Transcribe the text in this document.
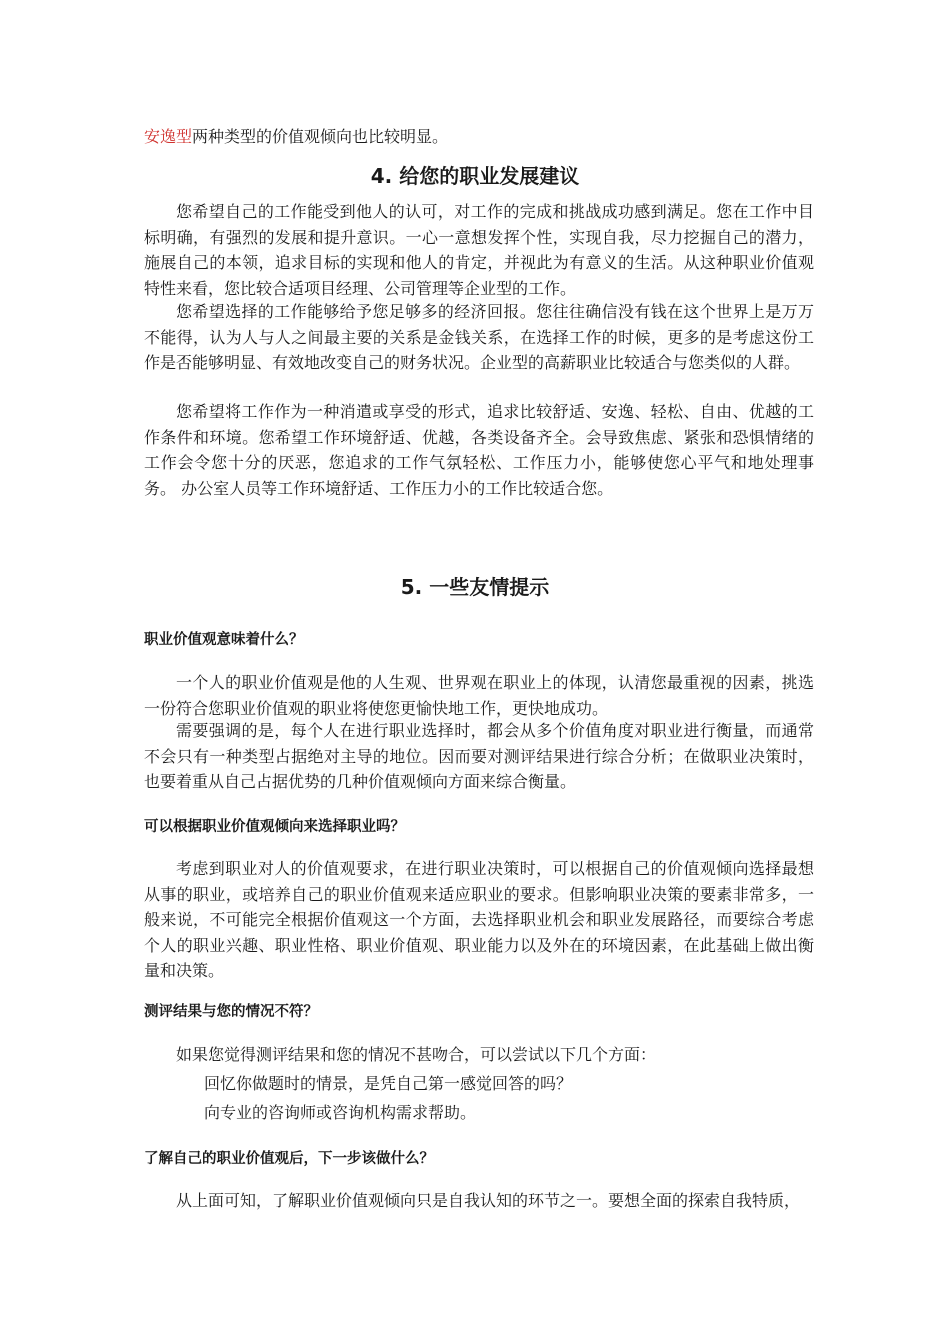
安逸型两种类型的价值观倾向也比较明显。

4. 给您的职业发展建议

您希望自己的工作能受到他人的认可，对工作的完成和挑战成功感到满足。您在工作中目标明确，有强烈的发展和提升意识。一心一意想发挥个性，实现自我，尽力挖掘自己的潜力，施展自己的本领，追求目标的实现和他人的肯定，并视此为有意义的生活。从这种职业价值观特性来看，您比较合适项目经理、公司管理等企业型的工作。

您希望选择的工作能够给予您足够多的经济回报。您往往确信没有钱在这个世界上是万万不能得，认为人与人之间最主要的关系是金钱关系，在选择工作的时候，更多的是考虑这份工作是否能够明显、有效地改变自己的财务状况。企业型的高薪职业比较适合与您类似的人群。

您希望将工作作为一种消遣或享受的形式，追求比较舒适、安逸、轻松、自由、优越的工作条件和环境。您希望工作环境舒适、优越，各类设备齐全。会导致焦虑、紧张和恐惧情绪的工作会令您十分的厌恶，您追求的工作气氛轻松、工作压力小，能够使您心平气和地处理事务。 办公室人员等工作环境舒适、工作压力小的工作比较适合您。

5. 一些友情提示

职业价值观意味着什么？

一个人的职业价值观是他的人生观、世界观在职业上的体现，认清您最重视的因素，挑选一份符合您职业价值观的职业将使您更愉快地工作，更快地成功。

需要强调的是，每个人在进行职业选择时，都会从多个价值角度对职业进行衡量，而通常不会只有一种类型占据绝对主导的地位。因而要对测评结果进行综合分析；在做职业决策时，也要着重从自己占据优势的几种价值观倾向方面来综合衡量。

可以根据职业价值观倾向来选择职业吗？

考虑到职业对人的价值观要求，在进行职业决策时，可以根据自己的价值观倾向选择最想从事的职业，或培养自己的职业价值观来适应职业的要求。但影响职业决策的要素非常多，一般来说，不可能完全根据价值观这一个方面，去选择职业机会和职业发展路径，而要综合考虑个人的职业兴趣、职业性格、职业价值观、职业能力以及外在的环境因素，在此基础上做出衡量和决策。

测评结果与您的情况不符？

如果您觉得测评结果和您的情况不甚吻合，可以尝试以下几个方面：

回忆你做题时的情景，是凭自己第一感觉回答的吗？

向专业的咨询师或咨询机构需求帮助。

了解自己的职业价值观后，下一步该做什么？

从上面可知，了解职业价值观倾向只是自我认知的环节之一。要想全面的探索自我特质，
